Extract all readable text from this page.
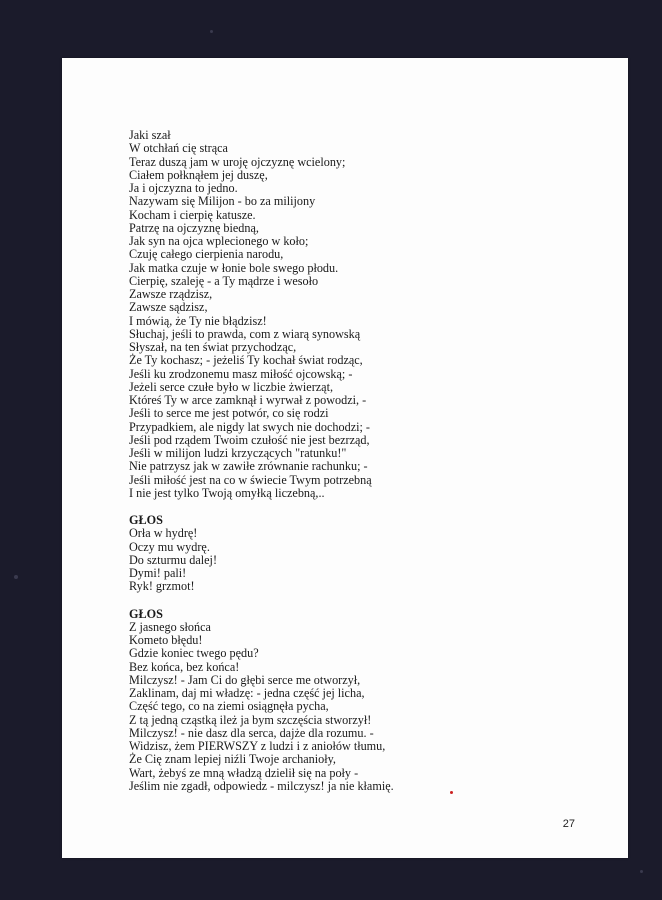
Jaki szał
W otchłań cię strąca
Teraz duszą jam w uroję ojczyznę wcielony;
Ciałem połknąłem jej duszę,
Ja i ojczyzna to jedno.
Nazywam się Milijon - bo za milijony
Kocham i cierpię katusze.
Patrzę na ojczyznę biedną,
Jak syn na ojca wplecionego w koło;
Czuję całego cierpienia narodu,
Jak matka czuje w łonie bole swego płodu.
Cierpię, szaleję - a Ty mądrze i wesoło
Zawsze rządzisz,
Zawsze sądzisz,
I mówią, że Ty nie błądzisz!
Słuchaj, jeśli to prawda, com z wiarą synowską
Słyszał, na ten świat przychodząc,
Że Ty kochasz; - jeżeliś Ty kochał świat rodząc,
Jeśli ku zrodzonemu masz miłość ojcowską; -
Jeżeli serce czułe było w liczbie żwierząt,
Któreś Ty w arce zamknął i wyrwał z powodzi, -
Jeśli to serce me jest potwór, co się rodzi
Przypadkiem, ale nigdy lat swych nie dochodzi; -
Jeśli pod rządem Twoim czułość nie jest bezrząd,
Jeśli w milijon ludzi krzyczących "ratunku!"
Nie patrzysz jak w zawiłe zrównanie rachunku; -
Jeśli miłość jest na co w świecie Twym potrzebną
I nie jest tylko Twoją omyłką liczebną,..
GŁOS
Orła w hydrę!
Oczy mu wydrę.
Do szturmu dalej!
Dymi! pali!
Ryk! grzmot!
GŁOS
Z jasnego słońca
Kometo błędu!
Gdzie koniec twego pędu?
Bez końca, bez końca!
Milczysz! - Jam Ci do głębi serce me otworzył,
Zaklinam, daj mi władzę: - jedna część jej licha,
Część tego, co na ziemi osiągnęła pycha,
Z tą jedną cząstką ileż ja bym szczęścia stworzył!
Milczysz! - nie dasz dla serca, dajże dla rozumu. -
Widzisz, żem PIERWSZY z ludzi i z aniołów tłumu,
Że Cię znam lepiej niźli Twoje archanioły,
Wart, żebyś ze mną władzą dzielił się na poły -
Jeślim nie zgadł, odpowiedz - milczysz! ja nie kłamię.
27
